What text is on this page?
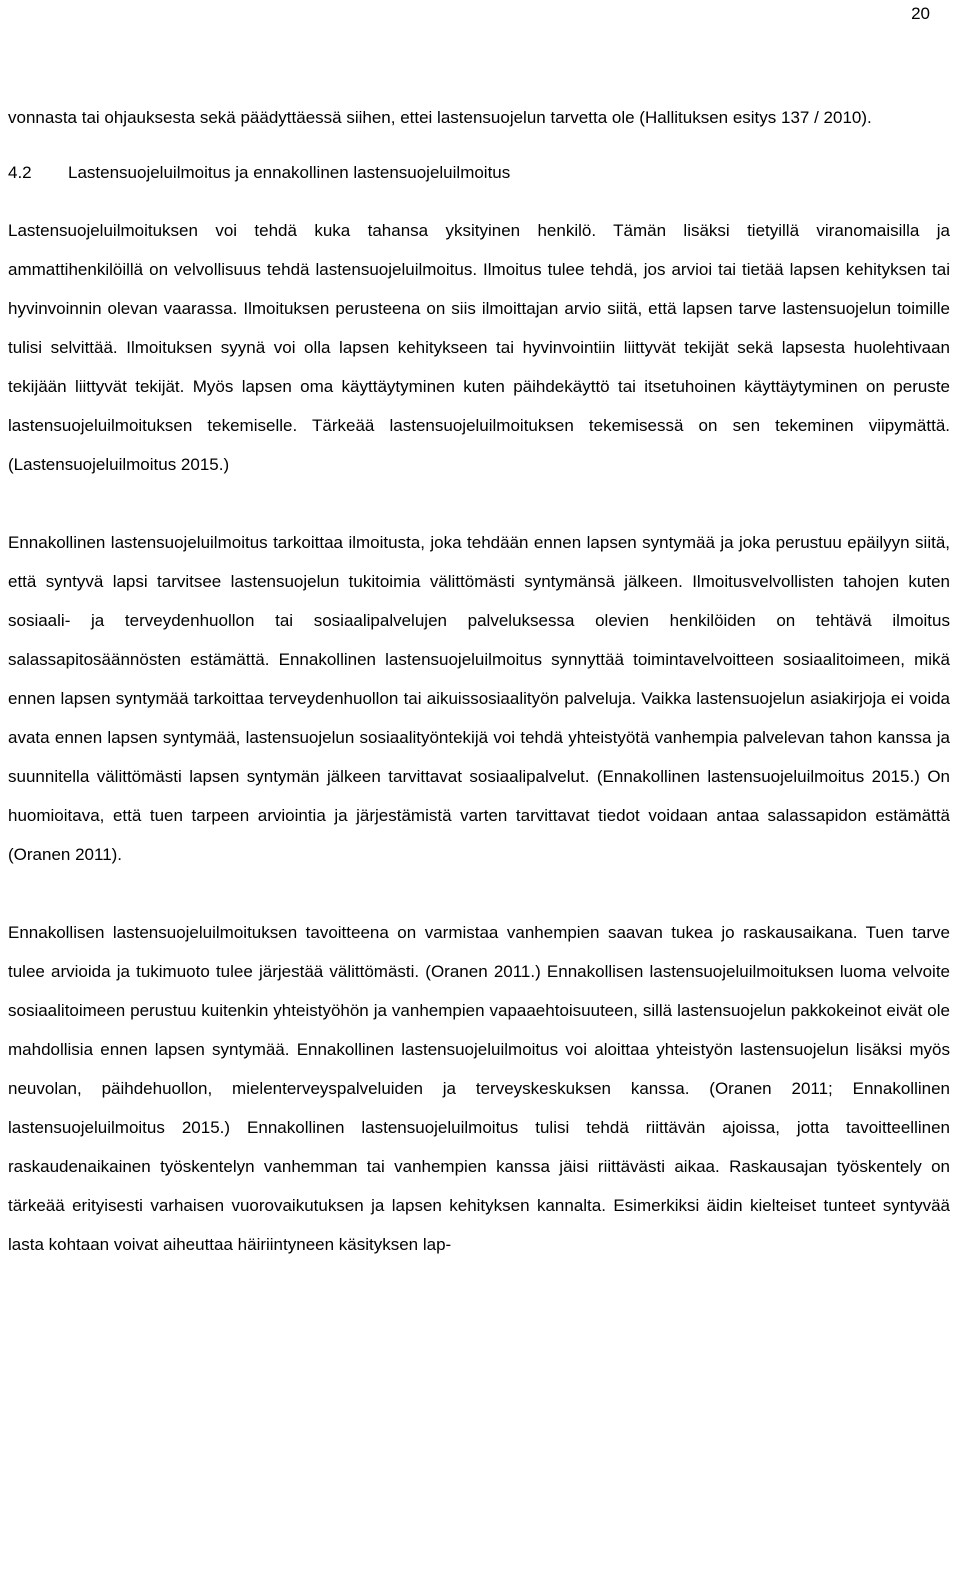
20

vonnasta tai ohjauksesta sekä päädyttäessä siihen, ettei lastensuojelun tarvetta ole (Hallituksen esitys 137 / 2010).

4.2 Lastensuojeluilmoitus ja ennakollinen lastensuojeluilmoitus

Lastensuojeluilmoituksen voi tehdä kuka tahansa yksityinen henkilö. Tämän lisäksi tietyillä viranomaisilla ja ammattihenkilöillä on velvollisuus tehdä lastensuojeluilmoitus. Ilmoitus tulee tehdä, jos arvioi tai tietää lapsen kehityksen tai hyvinvoinnin olevan vaarassa. Ilmoituksen perusteena on siis ilmoittajan arvio siitä, että lapsen tarve lastensuojelun toimille tulisi selvittää. Ilmoituksen syynä voi olla lapsen kehitykseen tai hyvinvointiin liittyvät tekijät sekä lapsesta huolehtivaan tekijään liittyvät tekijät. Myös lapsen oma käyttäytyminen kuten päihdekäyttö tai itsetuhoinen käyttäytyminen on peruste lastensuojeluilmoituksen tekemiselle. Tärkeää lastensuojeluilmoituksen tekemisessä on sen tekeminen viipymättä. (Lastensuojeluilmoitus 2015.)

Ennakollinen lastensuojeluilmoitus tarkoittaa ilmoitusta, joka tehdään ennen lapsen syntymää ja joka perustuu epäilyyn siitä, että syntyvä lapsi tarvitsee lastensuojelun tukitoimia välittömästi syntymänsä jälkeen. Ilmoitusvelvollisten tahojen kuten sosiaali- ja terveydenhuollon tai sosiaalipalvelujen palveluksessa olevien henkilöiden on tehtävä ilmoitus salassapitosäännösten estämättä. Ennakollinen lastensuojeluilmoitus synnyttää toimintavelvoitteen sosiaalitoimeen, mikä ennen lapsen syntymää tarkoittaa terveydenhuollon tai aikuissosiaalityön palveluja. Vaikka lastensuojelun asiakirjoja ei voida avata ennen lapsen syntymää, lastensuojelun sosiaalityöntekijä voi tehdä yhteistyötä vanhempia palvelevan tahon kanssa ja suunnitella välittömästi lapsen syntymän jälkeen tarvittavat sosiaalipalvelut. (Ennakollinen lastensuojeluilmoitus 2015.) On huomioitava, että tuen tarpeen arviointia ja järjestämistä varten tarvittavat tiedot voidaan antaa salassapidon estämättä (Oranen 2011).

Ennakollisen lastensuojeluilmoituksen tavoitteena on varmistaa vanhempien saavan tukea jo raskausaikana. Tuen tarve tulee arvioida ja tukimuoto tulee järjestää välittömästi. (Oranen 2011.) Ennakollisen lastensuojeluilmoituksen luoma velvoite sosiaalitoimeen perustuu kuitenkin yhteistyöhön ja vanhempien vapaaehtoisuuteen, sillä lastensuojelun pakkokeinot eivät ole mahdollisia ennen lapsen syntymää. Ennakollinen lastensuojeluilmoitus voi aloittaa yhteistyön lastensuojelun lisäksi myös neuvolan, päihdehuollon, mielenterveyspalveluiden ja terveyskeskuksen kanssa. (Oranen 2011; Ennakollinen lastensuojeluilmoitus 2015.) Ennakollinen lastensuojeluilmoitus tulisi tehdä riittävän ajoissa, jotta tavoitteellinen raskaudenaikainen työskentelyn vanhemman tai vanhempien kanssa jäisi riittävästi aikaa. Raskausajan työskentely on tärkeää erityisesti varhaisen vuorovaikutuksen ja lapsen kehityksen kannalta. Esimerkiksi äidin kielteiset tunteet syntyvää lasta kohtaan voivat aiheuttaa häiriintyneen käsityksen lap-
